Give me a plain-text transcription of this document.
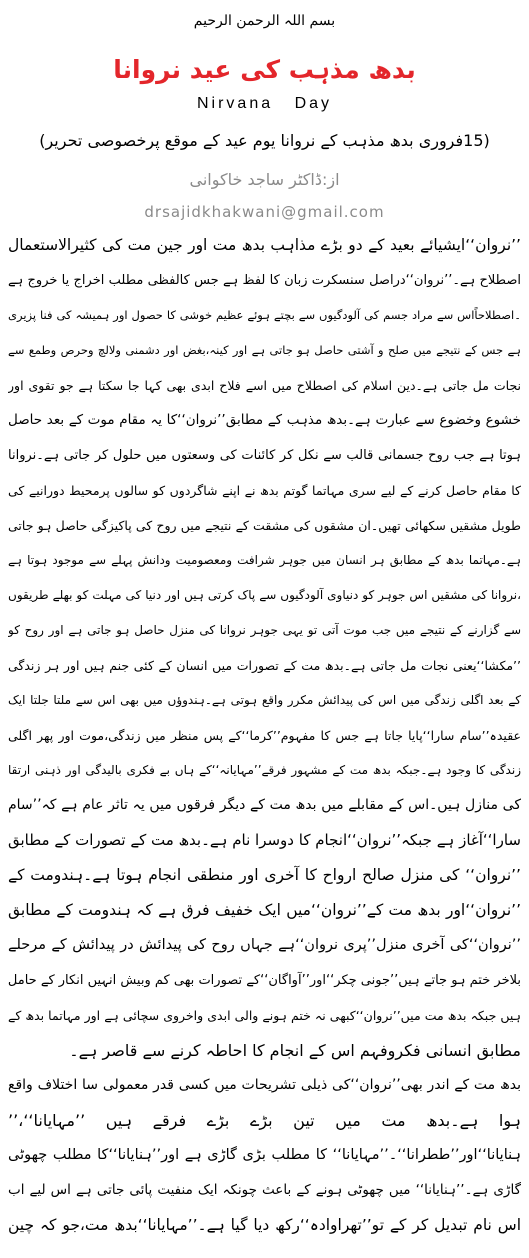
بسم اللہ الرحمن الرحیم
بدھ مذہب کی عید نروانا
Nirvana Day
(15فروری بدھ مذہب کے نروانا یوم عید کے موقع پرخصوصی تحریر)
از:ڈاکٹر ساجد خاکوانی
drsajidkhakwani@gmail.com
’’نروان‘‘ایشیائے بعید کے دو بڑے مذاہب بدھ مت اور جین مت کی کثیرالاستعمال
اصطلاح ہے۔’’نروان‘‘دراصل سنسکرت زبان کا لفظ ہے جس کالفظی مطلب اخراج یا خروج ہے
۔اصطلاحاًاس سے مراد جسم کی آلودگیوں سے بچتے ہوئے عظیم خوشی کا حصول اور ہمیشہ کی فنا پزیری
ہے جس کے نتیجے میں صلح و آشتی حاصل ہو جاتی ہے اور کینہ،بغض اور دشمنی ولالچ وحرص وطمع سے
نجات مل جاتی ہے۔دین اسلام کی اصطلاح میں اسے فلاح ابدی بھی کہا جا سکتا ہے جو تقوی اور
خشوع وخضوع سے عبارت ہے۔بدھ مذہب کے مطابق’’نروان‘‘کا یہ مقام موت کے بعد حاصل
ہوتا ہے جب روح جسمانی قالب سے نکل کر کائنات کی وسعتوں میں حلول کر جاتی ہے۔نروانا
کا مقام حاصل کرنے کے لیے سری مہاتما گوتم بدھ نے اپنے شاگردوں کو سالوں پرمحیط دورانیے کی
طویل مشقیں سکھائی تھیں۔ان مشقوں کی مشقت کے نتیجے میں روح کی پاکیزگی حاصل ہو جاتی
ہے۔مہاتما بدھ کے مطابق ہر انسان میں جوہر شرافت ومعصومیت ودانش پہلے سے موجود ہوتا ہے
،نروانا کی مشقیں اس جوہر کو دنیاوی آلودگیوں سے پاک کرتی ہیں اور دنیا کی مہلت کو بھلے طریقوں
سے گزارنے کے نتیجے میں جب موت آتی تو یہی جوہر نروانا کی منزل حاصل ہو جاتی ہے اور روح کو
’’مکشا‘‘یعنی نجات مل جاتی ہے۔بدھ مت کے تصورات میں انسان کے کئی جنم ہیں اور ہر زندگی
کے بعد اگلی زندگی میں اس کی پیدائش مکرر واقع ہوتی ہے۔ہندوؤں میں بھی اس سے ملتا جلتا ایک
عقیدہ’’سام سارا‘‘پایا جاتا ہے جس کا مفہوم’’کرما‘‘کے پس منظر میں زندگی،موت اور پھر اگلی
زندگی کا وجود ہے۔جبکہ بدھ مت کے مشہور فرقے’’مہایانہ‘‘کے ہاں بے فکری بالیدگی اور ذہنی ارتقا
کی منازل ہیں۔اس کے مقابلے میں بدھ مت کے دیگر فرقوں میں یہ تاثر عام ہے کہ’’سام
سارا‘‘آغاز ہے جبکہ’’نروان‘‘انجام کا دوسرا نام ہے۔بدھ مت کے تصورات کے مطابق
’’نروان‘‘ کی منزل صالح ارواح کا آخری اور منطقی انجام ہوتا ہے۔ہندومت کے
’’نروان‘‘اور بدھ مت کے’’نروان‘‘میں ایک خفیف فرق ہے کہ ہندومت کے مطابق
’’نروان‘‘کی آخری منزل’’پری نروان‘‘ہے جہاں روح کی پیدائش در پیدائش کے مرحلے
بلاخر ختم ہو جاتے ہیں’’جونی چکر‘‘اور’’آواگان‘‘کے تصورات بھی کم وبیش انہیں انکار کے حامل
ہیں جبکہ بدھ مت میں’’نروان‘‘کبھی نہ ختم ہونے والی ابدی واخروی سچائی ہے اور مہاتما بدھ کے
مطابق انسانی فکروفہم اس کے انجام کا احاطہ کرنے سے قاصر ہے۔
بدھ مت کے اندر بھی’’نروان‘‘کی ذیلی تشریحات میں کسی قدر معمولی سا اختلاف واقع
ہوا ہے۔بدھ مت میں تین بڑے بڑے فرقے ہیں ’’مہایانا‘‘،’’
ہنایانا‘‘اور’’ططرانا‘‘۔’’مہایانا‘‘ کا مطلب بڑی گاڑی ہے اور’’ہنایانا‘‘کا مطلب چھوٹی
گاڑی ہے۔’’ہنایانا‘‘ میں چھوٹی ہونے کے باعث چونکہ ایک منفیت پائی جاتی ہے اس لیے اب
اس نام تبدیل کر کے تو’’تھراوادہ‘‘رکھ دیا گیا ہے۔’’مہایانا‘‘بدھ مت،جو کہ چین
